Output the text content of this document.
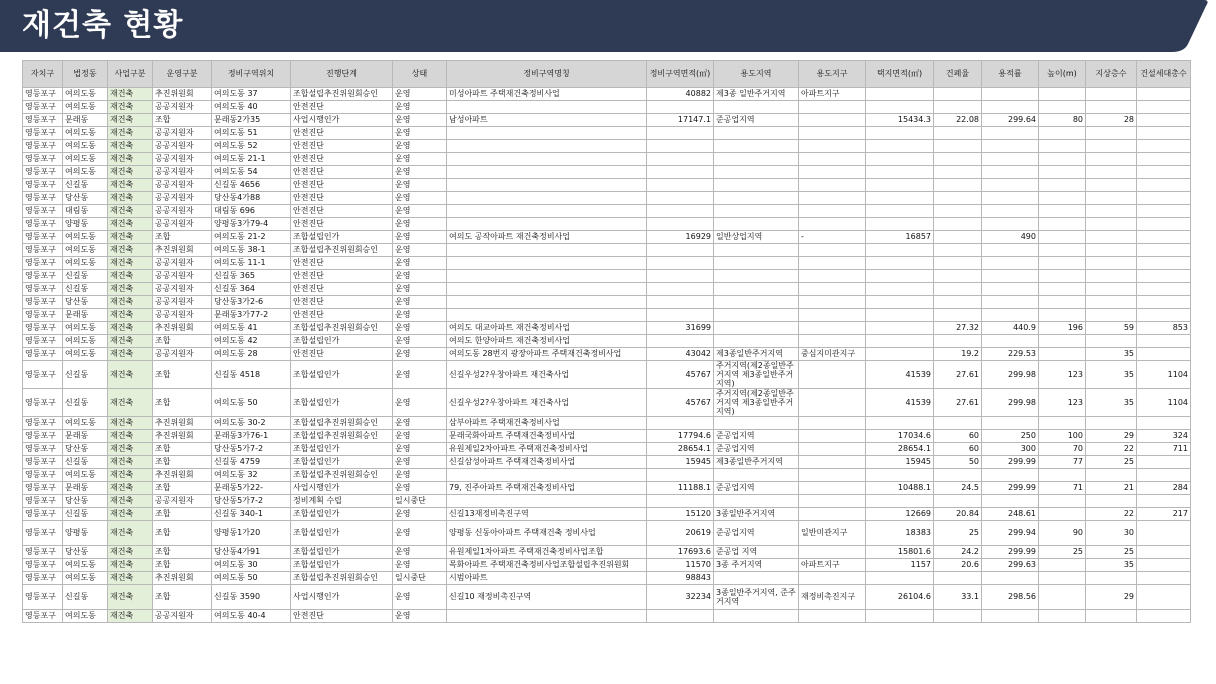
재건축 현황
자치구	법정동	사업구분	운영구분	정비구역위치	진행단계	상태	정비구역명칭	정비구역면적(㎡)	용도지역	용도지구	택지면적(㎡)	건폐율	용적률	높이(m)	지상층수	건설세대총수
영등포구	여의도동	재건축	추진위원회	여의도동 37	조합설립추진위원회승인	운영	미성아파트 주택재건축정비사업	40882	제3종 일반주거지역	아파트지구						
영등포구	여의도동	재건축	공공지원자	여의도동 40	안전진단	운영										
영등포구	문래동	재건축	조합	문래동2가35	사업시행인가	운영	남성아파트	17147.1	준공업지역		15434.3	22.08	299.64	80	28	
영등포구	여의도동	재건축	공공지원자	여의도동 51	안전진단	운영										
영등포구	여의도동	재건축	공공지원자	여의도동 52	안전진단	운영										
영등포구	여의도동	재건축	공공지원자	여의도동 21-1	안전진단	운영										
영등포구	여의도동	재건축	공공지원자	여의도동 54	안전진단	운영										
영등포구	신길동	재건축	공공지원자	신길동 4656	안전진단	운영										
영등포구	당산동	재건축	공공지원자	당산동4가88	안전진단	운영										
영등포구	대림동	재건축	공공지원자	대림동 696	안전진단	운영										
영등포구	양평동	재건축	공공지원자	양평동3가79-4	안전진단	운영										
영등포구	여의도동	재건축	조합	여의도동 21-2	조합설립인가	운영	여의도 공작아파트 재건축정비사업	16929	일반상업지역	-	16857		490			
영등포구	여의도동	재건축	추진위원회	여의도동 38-1	조합설립추진위원회승인	운영										
영등포구	여의도동	재건축	공공지원자	여의도동 11-1	안전진단	운영										
영등포구	신길동	재건축	공공지원자	신길동 365	안전진단	운영										
영등포구	신길동	재건축	공공지원자	신길동 364	안전진단	운영										
영등포구	당산동	재건축	공공지원자	당산동3가2-6	안전진단	운영										
영등포구	문래동	재건축	공공지원자	문래동3가77-2	안전진단	운영										
영등포구	여의도동	재건축	추진위원회	여의도동 41	조합설립추진위원회승인	운영	여의도 대교아파트 재건축정비사업	31699				27.32	440.9	196	59	853
영등포구	여의도동	재건축	조합	여의도동 42	조합설립인가	운영	여의도 한양아파트 재건축정비사업									
영등포구	여의도동	재건축	공공지원자	여의도동 28	안전진단	운영	여의도동 28번지 광장아파트 주택재건축정비사업	43042	제3종일반주거지역	중심지미관지구		19.2	229.53		35	
영등포구	신길동	재건축	조합	신길동 4518	조합설립인가	운영	신길우성2?우창아파트 재건축사업	45767	주거지역(제2종일반주거지역 제3종일반주거지역)		41539	27.61	299.98	123	35	1104
영등포구	신길동	재건축	조합	여의도동 50	조합설립인가	운영	신길우성2?우창아파트 재건축사업	45767	주거지역(제2종일반주거지역 제3종일반주거지역)		41539	27.61	299.98	123	35	1104
영등포구	여의도동	재건축	추진위원회	여의도동 30-2	조합설립추진위원회승인	운영	삼부아파트 주택재건축정비사업									
영등포구	문래동	재건축	추진위원회	문래동3가76-1	조합설립추진위원회승인	운영	문래국화아파트 주택재건축정비사업	17794.6	준공업지역		17034.6	60	250	100	29	324
영등포구	당산동	재건축	조합	당산동5가7-2	조합설립인가	운영	유원제일2차아파트 주택재건축정비사업	28654.1	준공업지역		28654.1	60	300	70	22	711
영등포구	신길동	재건축	조합	신길동 4759	조합설립인가	운영	신길삼성아파트 주택재건축정비사업	15945	제3종일반주거지역		15945	50	299.99	77	25	
영등포구	여의도동	재건축	추진위원회	여의도동 32	조합설립추진위원회승인	운영										
영등포구	문래동	재건축	조합	문래동5가22-	사업시행인가	운영	79, 진주아파트 주택재건축정비사업	11188.1	준공업지역		10488.1	24.5	299.99	71	21	284
영등포구	당산동	재건축	공공지원자	당산동5가7-2	정비계획 수립	일시중단										
영등포구	신길동	재건축	조합	신길동 340-1	조합설립인가	운영	신길13재정비촉진구역	15120	3종일반주거지역		12669	20.84	248.61		22	217
영등포구	양평동	재건축	조합	양평동1가20	조합설립인가	운영	양평동 신동아아파트 주택재건축 정비사업	20619	준공업지역	일반미관지구	18383	25	299.94	90	30	
영등포구	당산동	재건축	조합	당산동4가91	조합설립인가	운영	유원제일1차아파트 주택재건축정비사업조합	17693.6	준공업 지역		15801.6	24.2	299.99	25	25	
영등포구	여의도동	재건축	조합	여의도동 30	조합설립인가	운영	목화아파트 주택재건축정비사업조합설립추진위원회	11570	3종 주거지역	아파트지구	1157	20.6	299.63		35	
영등포구	여의도동	재건축	추진위원회	여의도동 50	조합설립추진위원회승인	일시중단	시범아파트	98843								
영등포구	신길동	재건축	조합	신길동 3590	사업시행인가	운영	신길10 재정비촉진구역	32234	3종일반주거지역, 준주거지역	재정비촉진지구	26104.6	33.1	298.56		29	
영등포구	여의도동	재건축	공공지원자	여의도동 40-4	안전진단	운영										
